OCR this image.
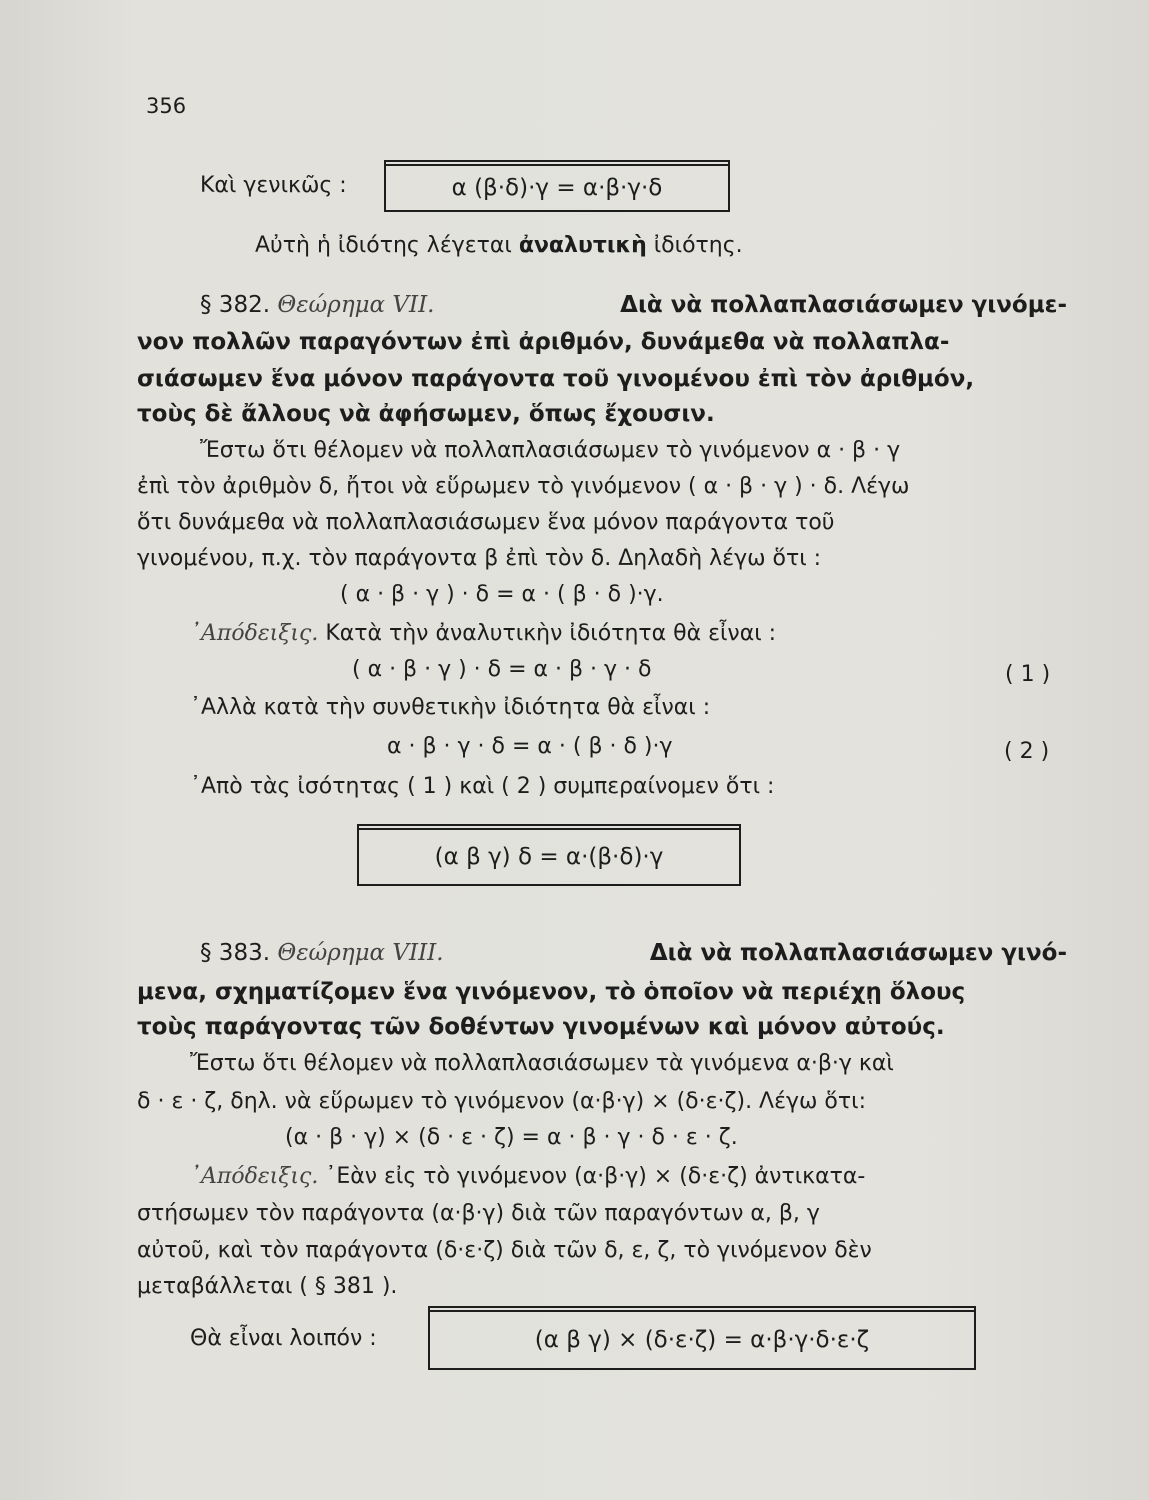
356
Καὶ γενικῶς :	α (β·δ)·γ = α·β·γ·δ
Αὐτὴ ἡ ἰδιότης λέγεται ἀναλυτικὴ ἰδιότης.
§ 382. Θεώρημα VII.	Διὰ νὰ πολλαπλασιάσωμεν γινόμε-
νον πολλῶν παραγόντων ἐπὶ ἀριθμόν, δυνάμεθα νὰ πολλαπλα-
σιάσωμεν ἕνα μόνον παράγοντα τοῦ γινομένου ἐπὶ τὸν ἀριθμόν,
τοὺς δὲ ἄλλους νὰ ἀφήσωμεν, ὅπως ἔχουσιν.
Ἔστω ὅτι θέλομεν νὰ πολλαπλασιάσωμεν τὸ γινόμενον α · β · γ
ἐπὶ τὸν ἀριθμὸν δ, ἤτοι νὰ εὕρωμεν τὸ γινόμενον ( α · β · γ ) · δ. Λέγω
ὅτι δυνάμεθα νὰ πολλαπλασιάσωμεν ἕνα μόνον παράγοντα τοῦ
γινομένου, π.χ. τὸν παράγοντα β ἐπὶ τὸν δ. Δηλαδὴ λέγω ὅτι :
( α · β · γ ) · δ = α · ( β · δ )·γ.
᾿Απόδειξις. Κατὰ τὴν ἀναλυτικὴν ἰδιότητα θὰ εἶναι :
( α · β · γ ) · δ = α · β · γ · δ	( 1 )
᾿Αλλὰ κατὰ τὴν συνθετικὴν ἰδιότητα θὰ εἶναι :
α · β · γ · δ = α · ( β · δ )·γ	( 2 )
᾿Απὸ τὰς ἰσότητας ( 1 ) καὶ ( 2 ) συμπεραίνομεν ὅτι :
(α β γ) δ = α·(β·δ)·γ
§ 383. Θεώρημα VIII.	Διὰ νὰ πολλαπλασιάσωμεν γινό-
μενα, σχηματίζομεν ἕνα γινόμενον, τὸ ὁποῖον νὰ περιέχῃ ὅλους
τοὺς παράγοντας τῶν δοθέντων γινομένων καὶ μόνον αὐτούς.
Ἔστω ὅτι θέλομεν νὰ πολλαπλασιάσωμεν τὰ γινόμενα α·β·γ καὶ
δ · ε · ζ, δηλ. νὰ εὕρωμεν τὸ γινόμενον (α·β·γ) × (δ·ε·ζ). Λέγω ὅτι:
(α · β · γ) × (δ · ε · ζ) = α · β · γ · δ · ε · ζ.
᾿Απόδειξις. ᾿Εὰν εἰς τὸ γινόμενον (α·β·γ) × (δ·ε·ζ) ἀντικατα-
στήσωμεν τὸν παράγοντα (α·β·γ) διὰ τῶν παραγόντων α, β, γ
αὐτοῦ, καὶ τὸν παράγοντα (δ·ε·ζ) διὰ τῶν δ, ε, ζ, τὸ γινόμενον δὲν
μεταβάλλεται ( § 381 ).
Θὰ εἶναι λοιπόν :	(α β γ) × (δ·ε·ζ) = α·β·γ·δ·ε·ζ
